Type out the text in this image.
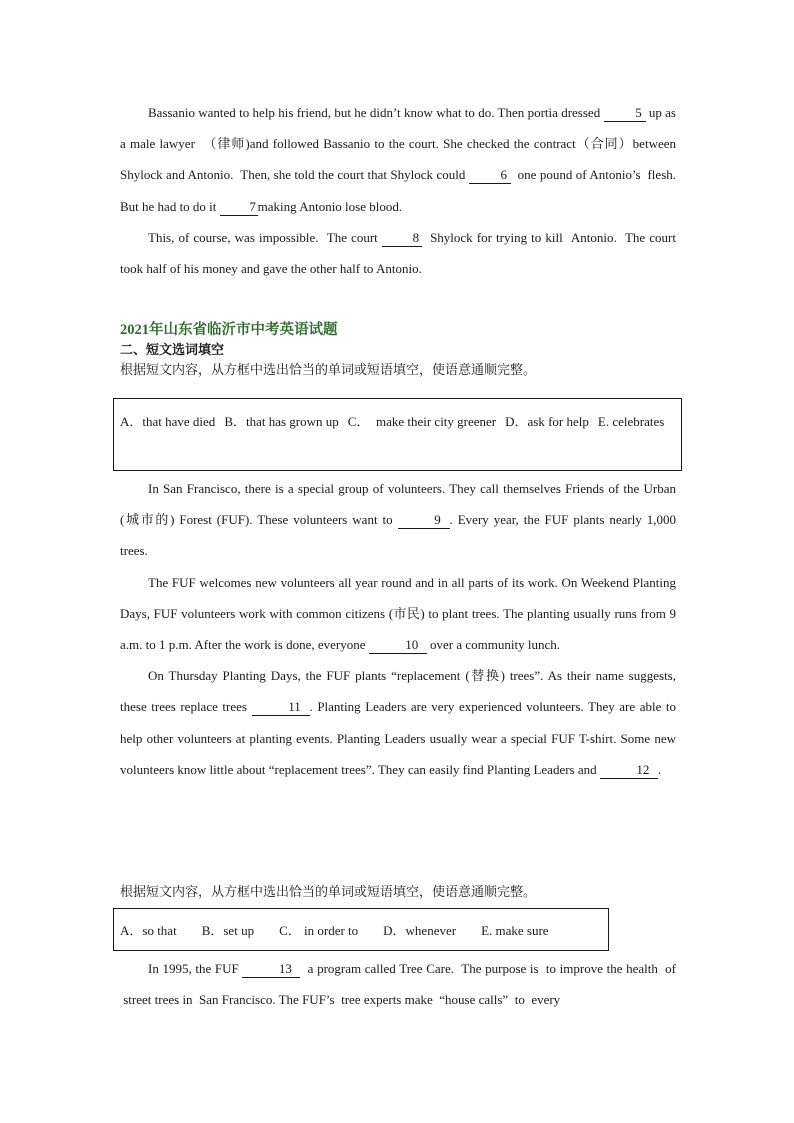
Bassanio wanted to help his friend, but he didn’t know what to do. Then portia dressed 5 up as a male lawyer  （律师)and followed Bassanio to the court. She checked the contract（合同）between Shylock and Antonio.  Then, she told the court that Shylock could 6  one pound of Antonio’s  flesh. But he had to do it 7 making Antonio lose blood.

This, of course, was impossible.  The court 8  Shylock for trying to kill  Antonio.  The court took half of his money and gave the other half to Antonio.

2021年山东省临沂市中考英语试题
二、短文选词填空
根据短文内容，从方框中选出恰当的单词或短语填空，使语意通顺完整。
A．that have died B．that has grown up C．  make their city greener D．ask for help E. celebrates

In San Francisco, there is a special group of volunteers. They call themselves Friends of the Urban (城市的) Forest (FUF). These volunteers want to	9 . Every year, the FUF plants nearly 1,000 trees.

The FUF welcomes new volunteers all year round and in all parts of its work. On Weekend Planting Days, FUF volunteers work with common citizens (市民) to plant trees. The planting usually runs from 9 a.m. to 1 p.m. After the work is done, everyone	10 over a community lunch.

On Thursday Planting Days, the FUF plants “replacement (替换) trees”. As their name suggests, these trees replace trees	11 . Planting Leaders are very experienced volunteers. They are able to help other volunteers at planting events. Planting Leaders usually wear a special FUF T-shirt. Some new volunteers know little about “replacement trees”. They can easily find Planting Leaders and	12 .

根据短文内容，从方框中选出恰当的单词或短语填空，使语意通顺完整。
A．so that B．set up C． in order to D．whenever E. make sure

In 1995, the FUF	13  a program called Tree Care.  The purpose is  to improve the health  of  street trees in  San Francisco. The FUF’s  tree experts make  “house calls”  to  every
